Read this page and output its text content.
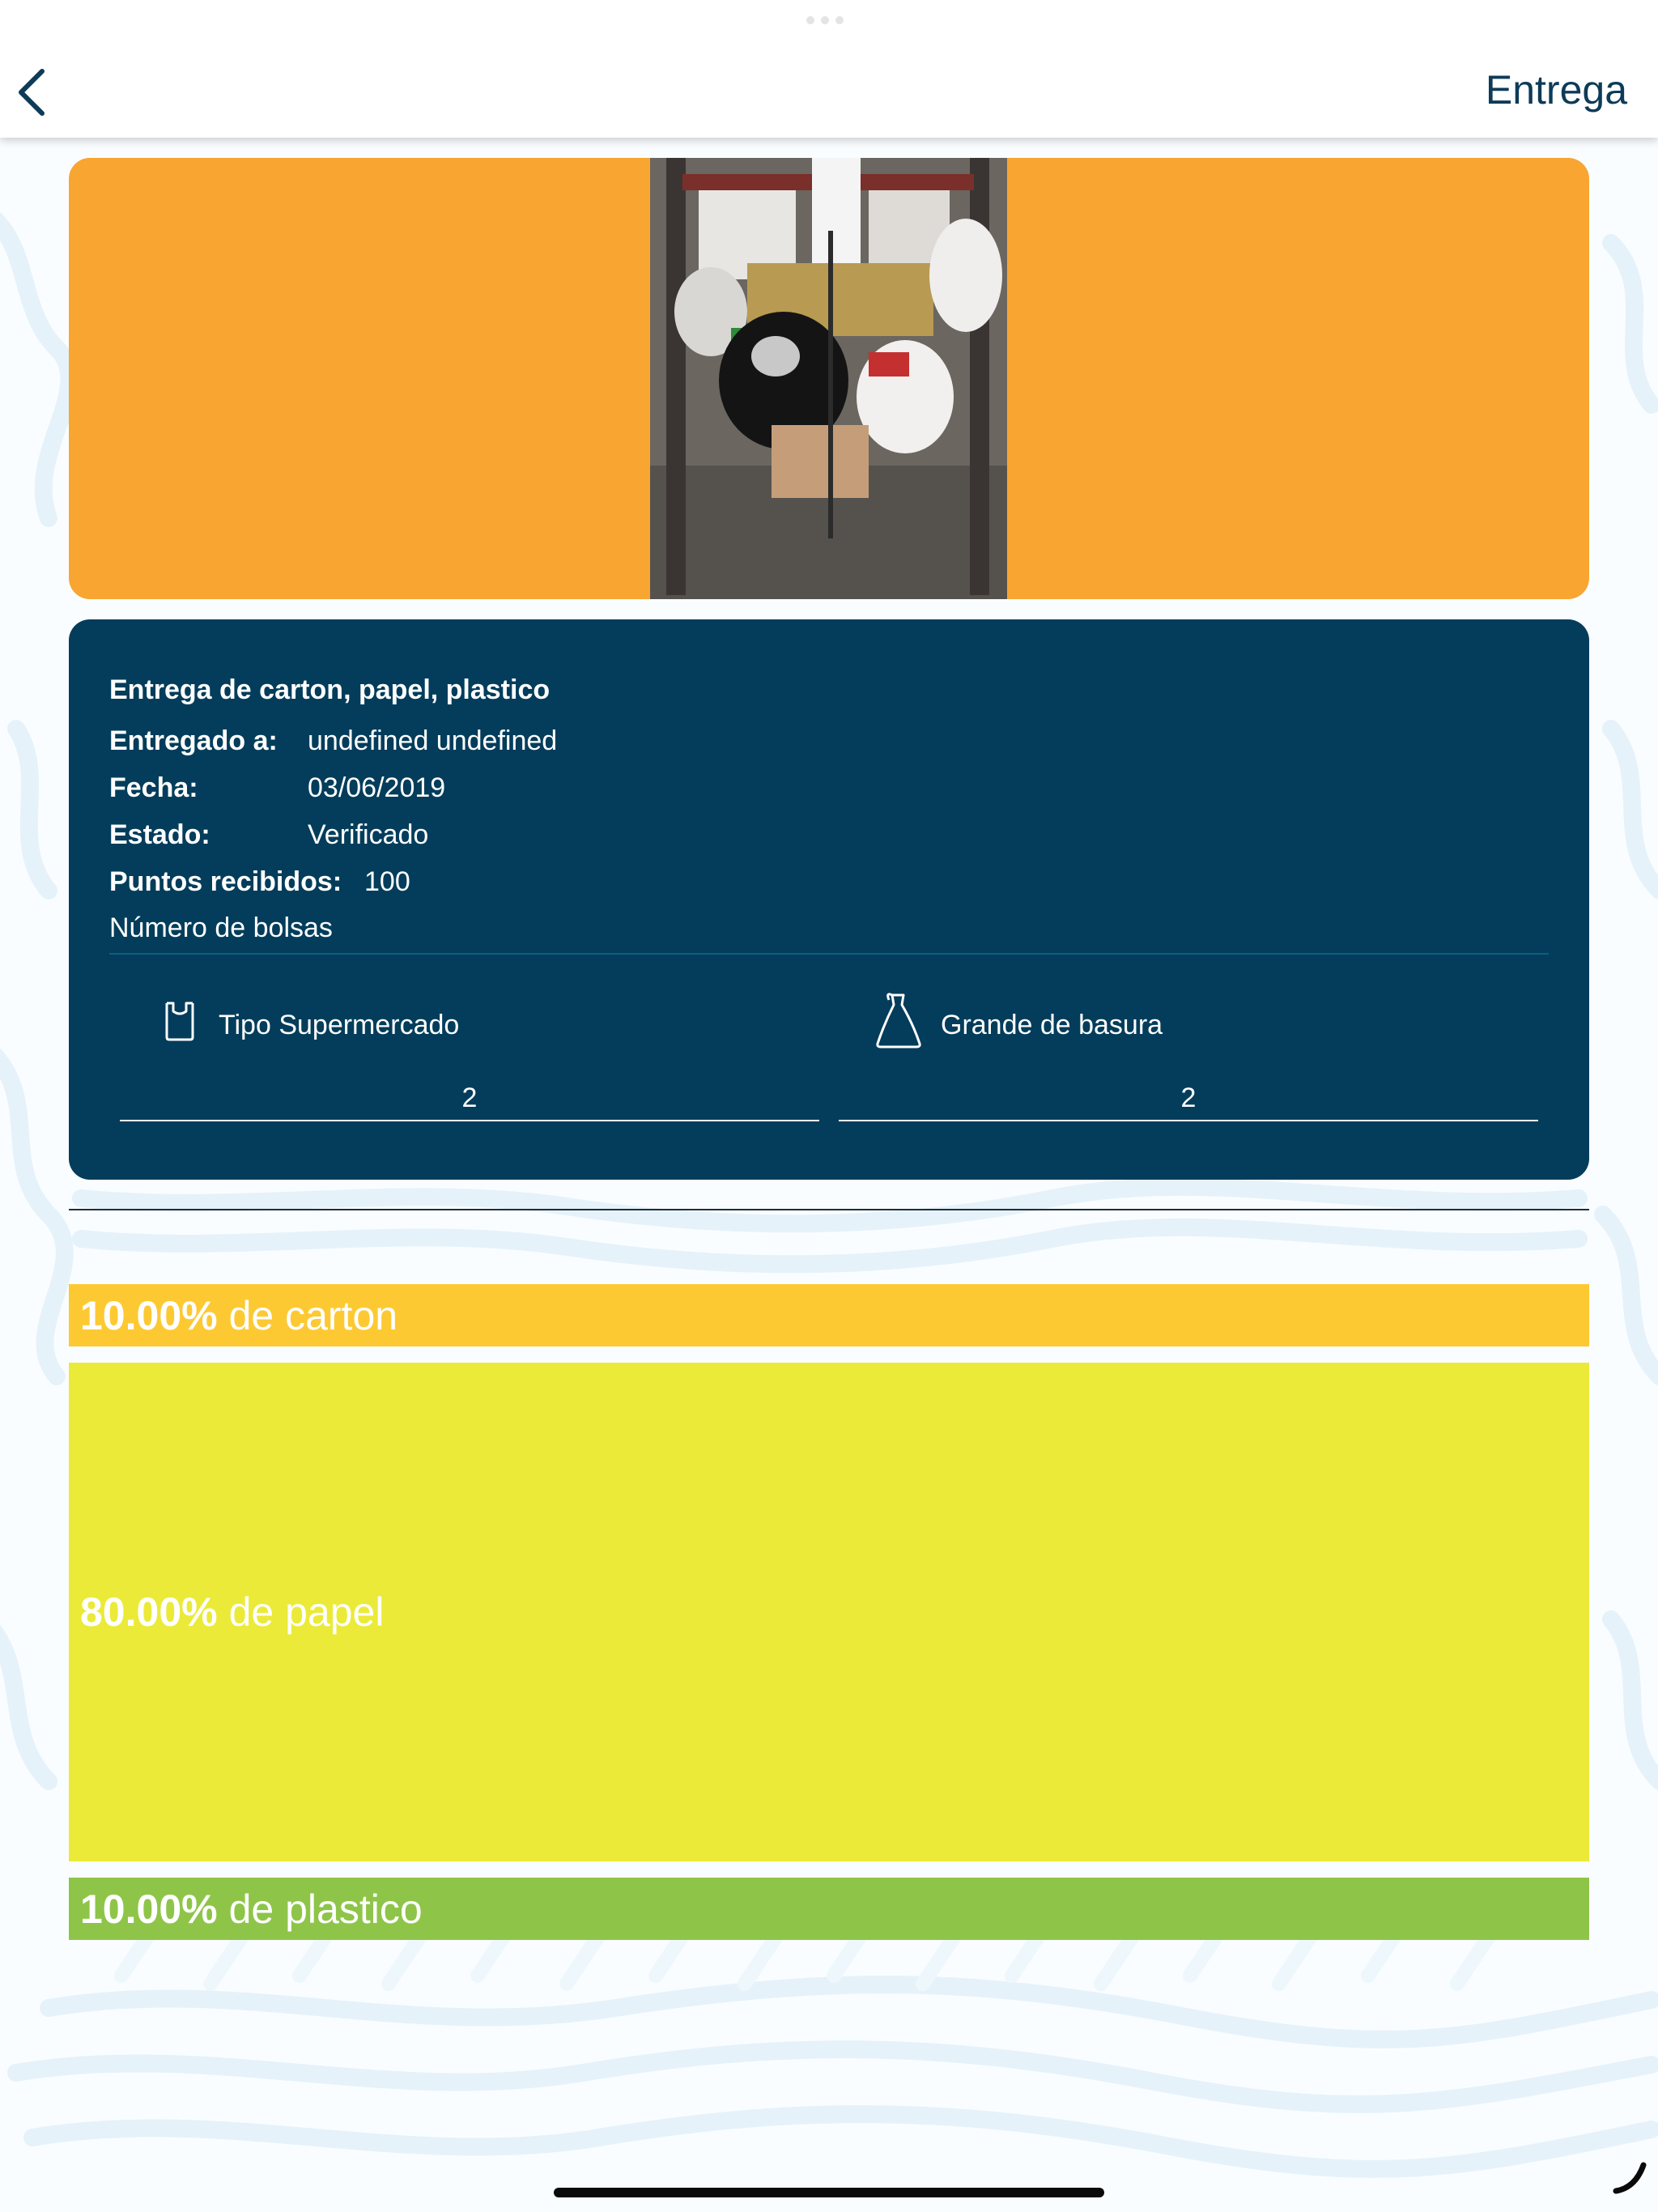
Entrega
Entrega de carton, papel, plastico
Entregado a: undefined undefined
Fecha:	03/06/2019
Estado:	Verificado
Puntos recibidos: 100
Número de bolsas
Tipo Supermercado
2
Grande de basura
2
10.00% de carton
80.00% de papel
10.00% de plastico
